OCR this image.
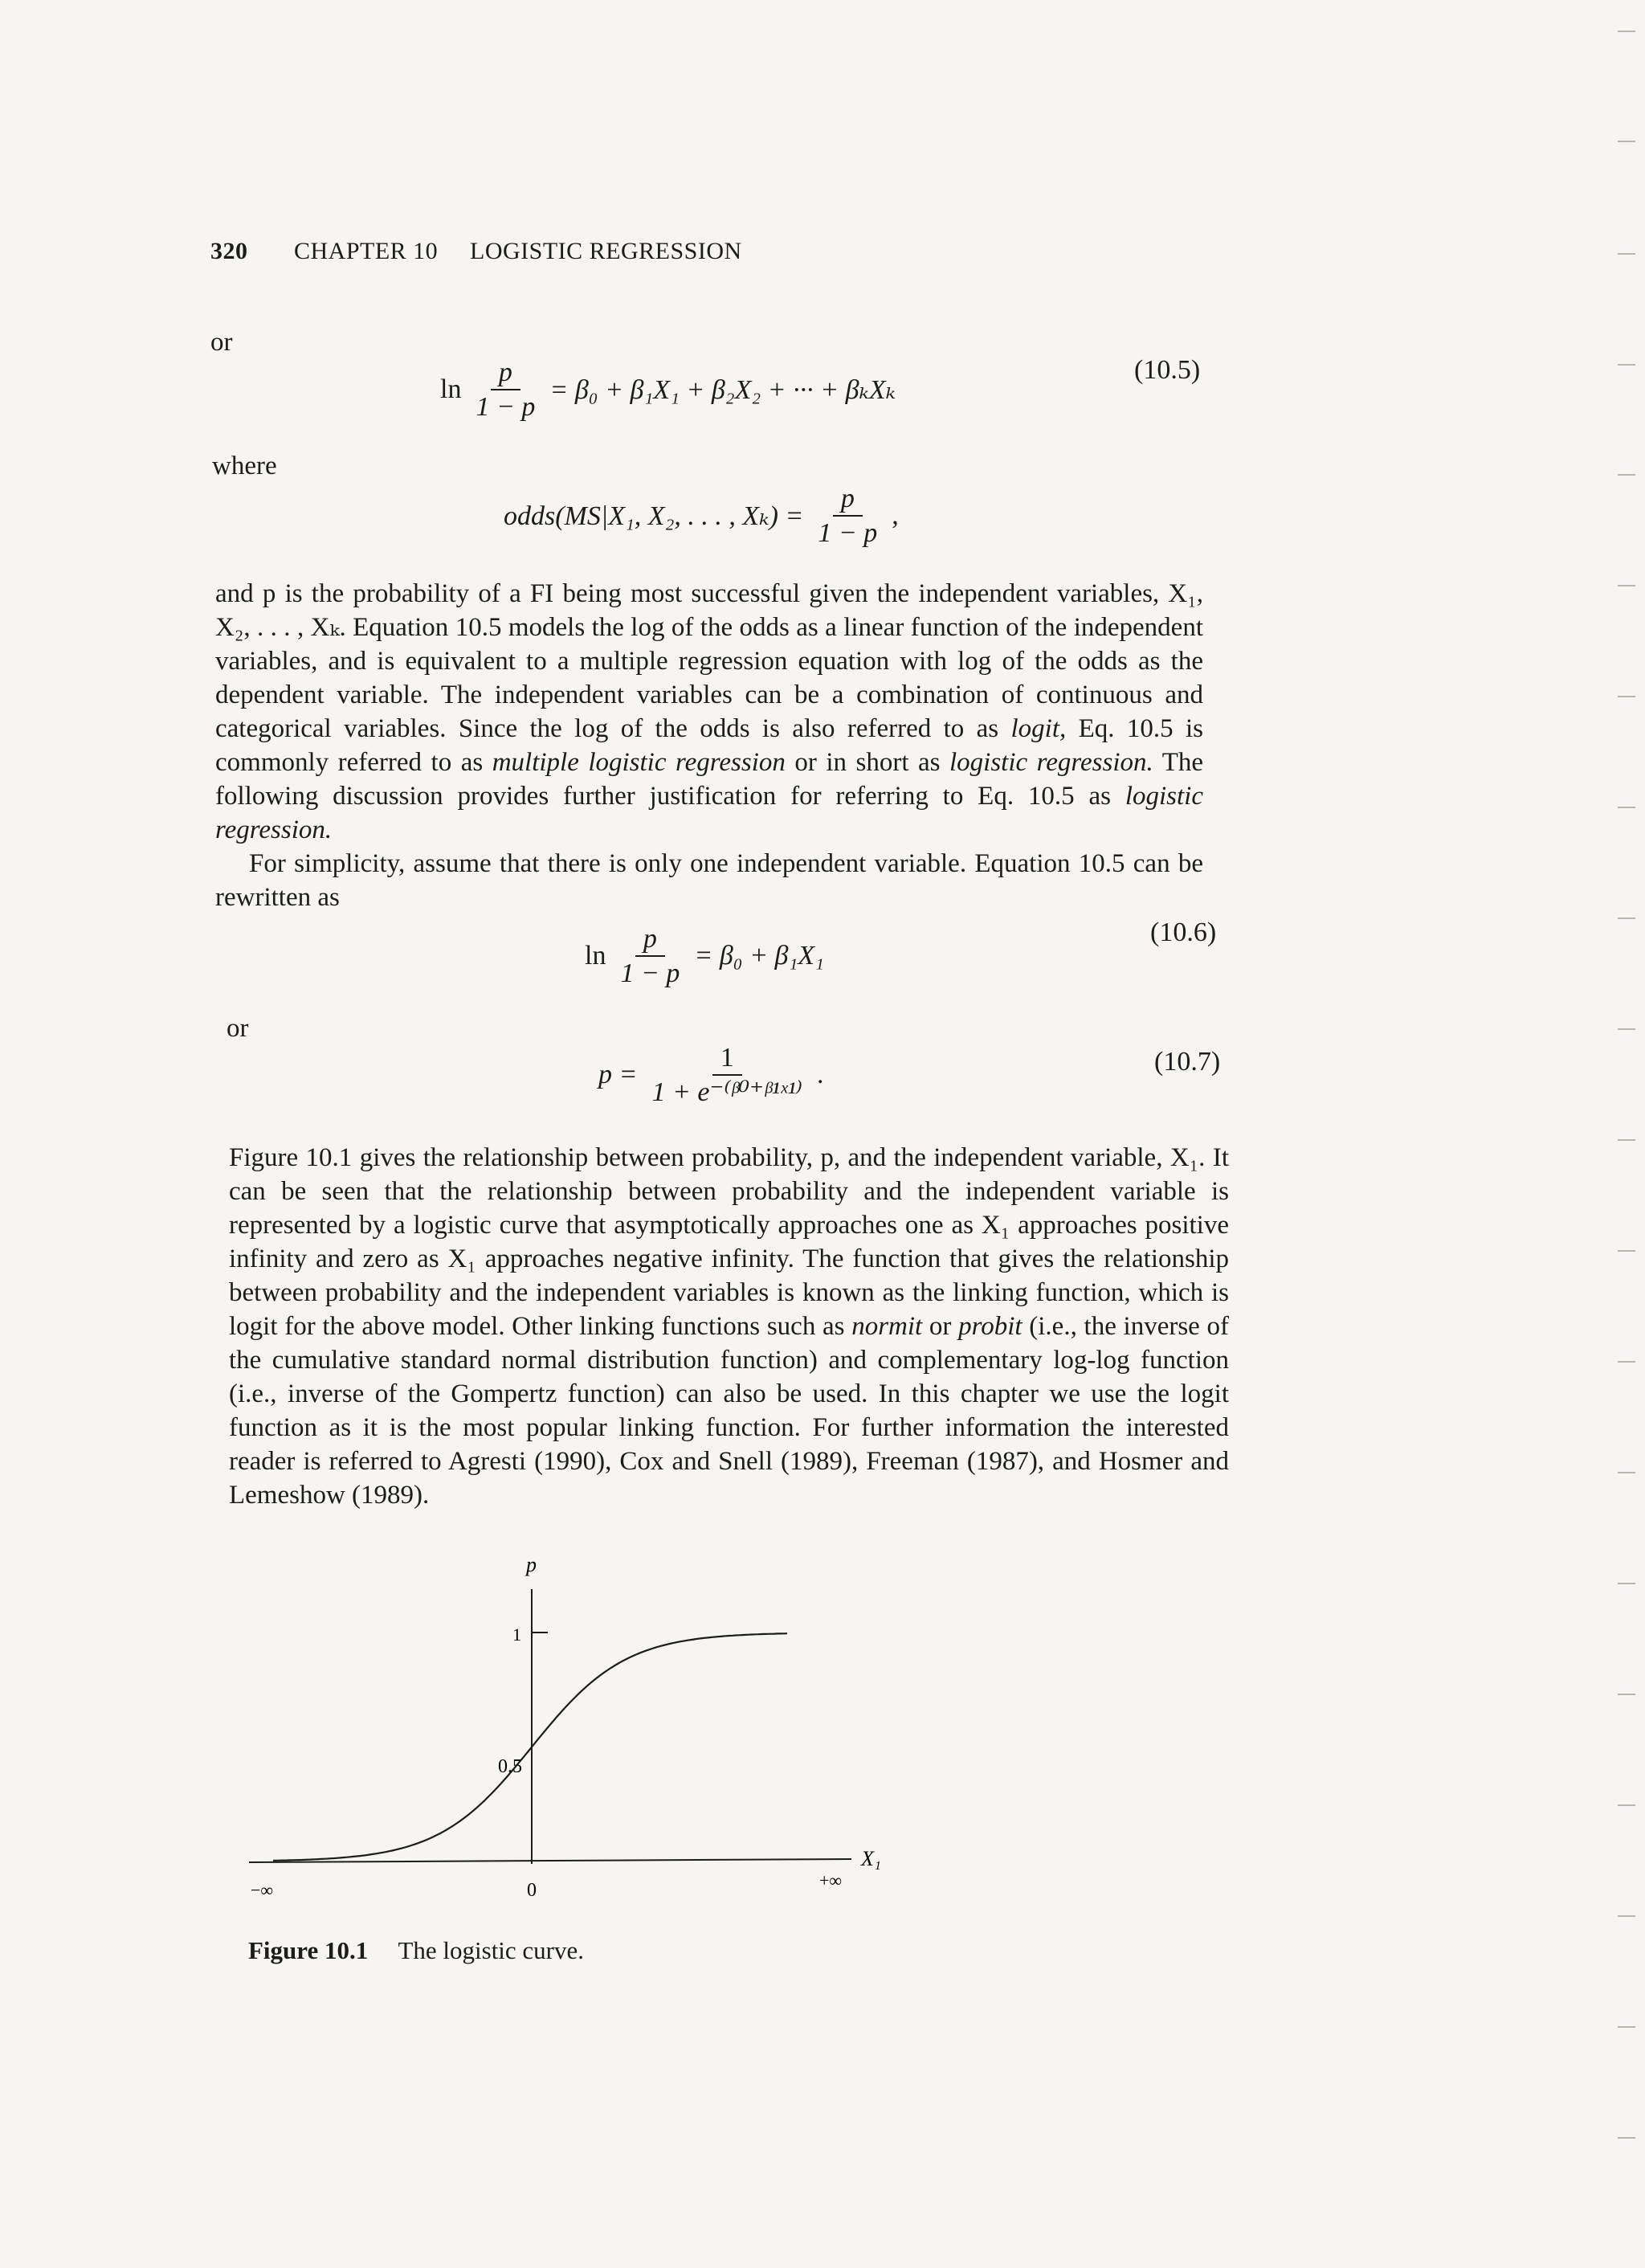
320 CHAPTER 10 LOGISTIC REGRESSION
or
$\ln \frac{p}{1 - p} = \beta_0 + \beta_1X_1 + \beta_2X_2$ + ··· + βₖXₖ
(10.5)
where
odds(MS|X₁, X₂, . . . , $X_k) = \frac{p}{1 - p}$ ,

and p is the probability of a FI being most successful given the independent variables, X₁, X₂, . . . , Xₖ. Equation 10.5 models the log of the odds as a linear function of the independent variables, and is equivalent to a multiple regression equation with log of the odds as the dependent variable. The independent variables can be a combination of continuous and categorical variables. Since the log of the odds is also referred to as logit, Eq. 10.5 is commonly referred to as multiple logistic regression or in short as logistic regression. The following discussion provides further justification for referring to Eq. 10.5 as logistic regression.

For simplicity, assume that there is only one independent variable. Equation 10.5 can be rewritten as

$\ln \frac{p}{1 - p} = \beta_0 + \beta_1X_1$
(10.6)
or
$p = \frac{1}{\text{1 + e⁻⁽ᵝ⁰⁺ᵝ¹ˣ¹⁾}}$ .	(10.7)

Figure 10.1 gives the relationship between probability, p, and the independent variable, X₁. It can be seen that the relationship between probability and the independent variable is represented by a logistic curve that asymptotically approaches one as X₁ approaches positive infinity and zero as X₁ approaches negative infinity. The function that gives the relationship between probability and the independent variables is known as the linking function, which is logit for the above model. Other linking functions such as normit or probit (i.e., the inverse of the cumulative standard normal distribution function) and complementary log-log function (i.e., inverse of the Gompertz function) can also be used. In this chapter we use the logit function as it is the most popular linking function. For further information the interested reader is referred to Agresti (1990), Cox and Snell (1989), Freeman (1987), and Hosmer and Lemeshow (1989).

p
1
0.5
0
−∞	+∞
X₁
Figure 10.1 The logistic curve.
